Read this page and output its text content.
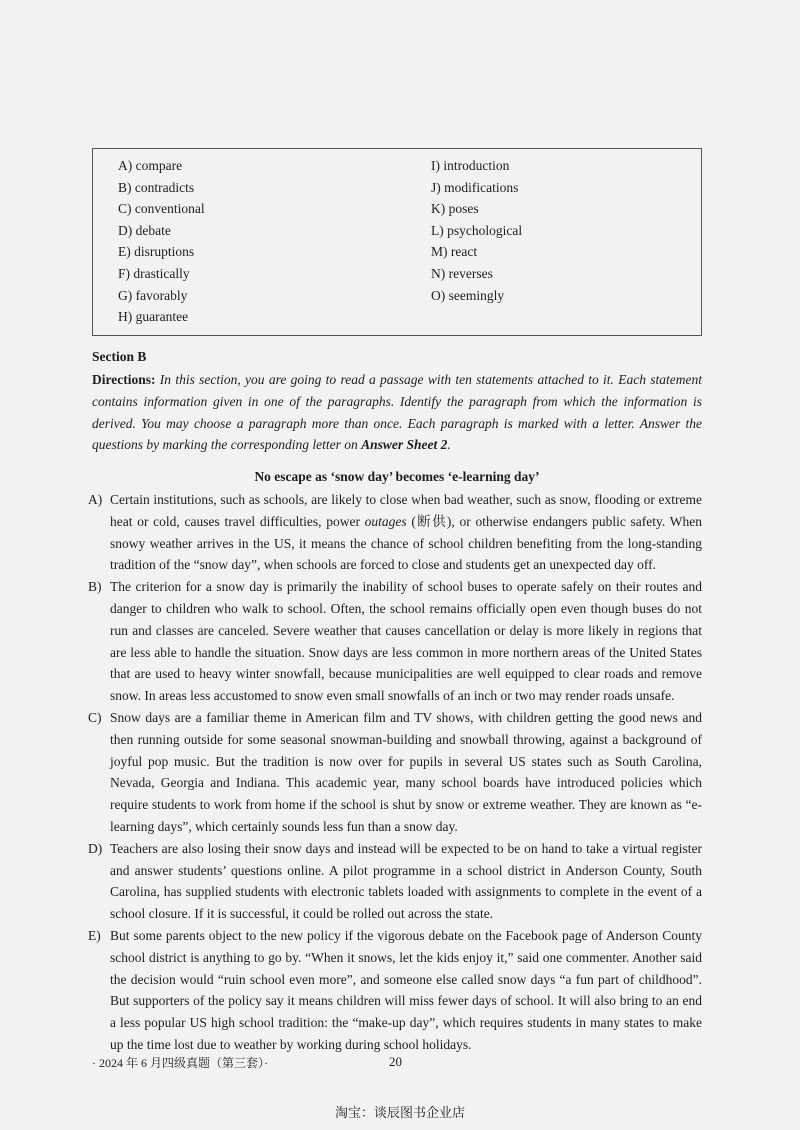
A) compare
B) contradicts
C) conventional
D) debate
E) disruptions
F) drastically
G) favorably
H) guarantee
I) introduction
J) modifications
K) poses
L) psychological
M) react
N) reverses
O) seemingly
Section B
Directions: In this section, you are going to read a passage with ten statements attached to it. Each statement contains information given in one of the paragraphs. Identify the paragraph from which the information is derived. You may choose a paragraph more than once. Each paragraph is marked with a letter. Answer the questions by marking the corresponding letter on Answer Sheet 2.
No escape as ‘snow day’ becomes ‘e-learning day’
A) Certain institutions, such as schools, are likely to close when bad weather, such as snow, flooding or extreme heat or cold, causes travel difficulties, power outages (断供), or otherwise endangers public safety. When snowy weather arrives in the US, it means the chance of school children benefiting from the long-standing tradition of the “snow day”, when schools are forced to close and students get an unexpected day off.

B) The criterion for a snow day is primarily the inability of school buses to operate safely on their routes and danger to children who walk to school. Often, the school remains officially open even though buses do not run and classes are canceled. Severe weather that causes cancellation or delay is more likely in regions that are less able to handle the situation. Snow days are less common in more northern areas of the United States that are used to heavy winter snowfall, because municipalities are well equipped to clear roads and remove snow. In areas less accustomed to snow even small snowfalls of an inch or two may render roads unsafe.

C) Snow days are a familiar theme in American film and TV shows, with children getting the good news and then running outside for some seasonal snowman-building and snowball throwing, against a background of joyful pop music. But the tradition is now over for pupils in several US states such as South Carolina, Nevada, Georgia and Indiana. This academic year, many school boards have introduced policies which require students to work from home if the school is shut by snow or extreme weather. They are known as “e-learning days”, which certainly sounds less fun than a snow day.

D) Teachers are also losing their snow days and instead will be expected to be on hand to take a virtual register and answer students’ questions online. A pilot programme in a school district in Anderson County, South Carolina, has supplied students with electronic tablets loaded with assignments to complete in the event of a school closure. If it is successful, it could be rolled out across the state.

E) But some parents object to the new policy if the vigorous debate on the Facebook page of Anderson County school district is anything to go by. “When it snows, let the kids enjoy it,” said one commenter. Another said the decision would “ruin school even more”, and someone else called snow days “a fun part of childhood”. But supporters of the policy say it means children will miss fewer days of school. It will also bring to an end a less popular US high school tradition: the “make-up day”, which requires students in many states to make up the time lost due to weather by working during school holidays.

· 2024 年 6 月四级真题（第三套）·	20
淘宝：谈辰图书企业店
